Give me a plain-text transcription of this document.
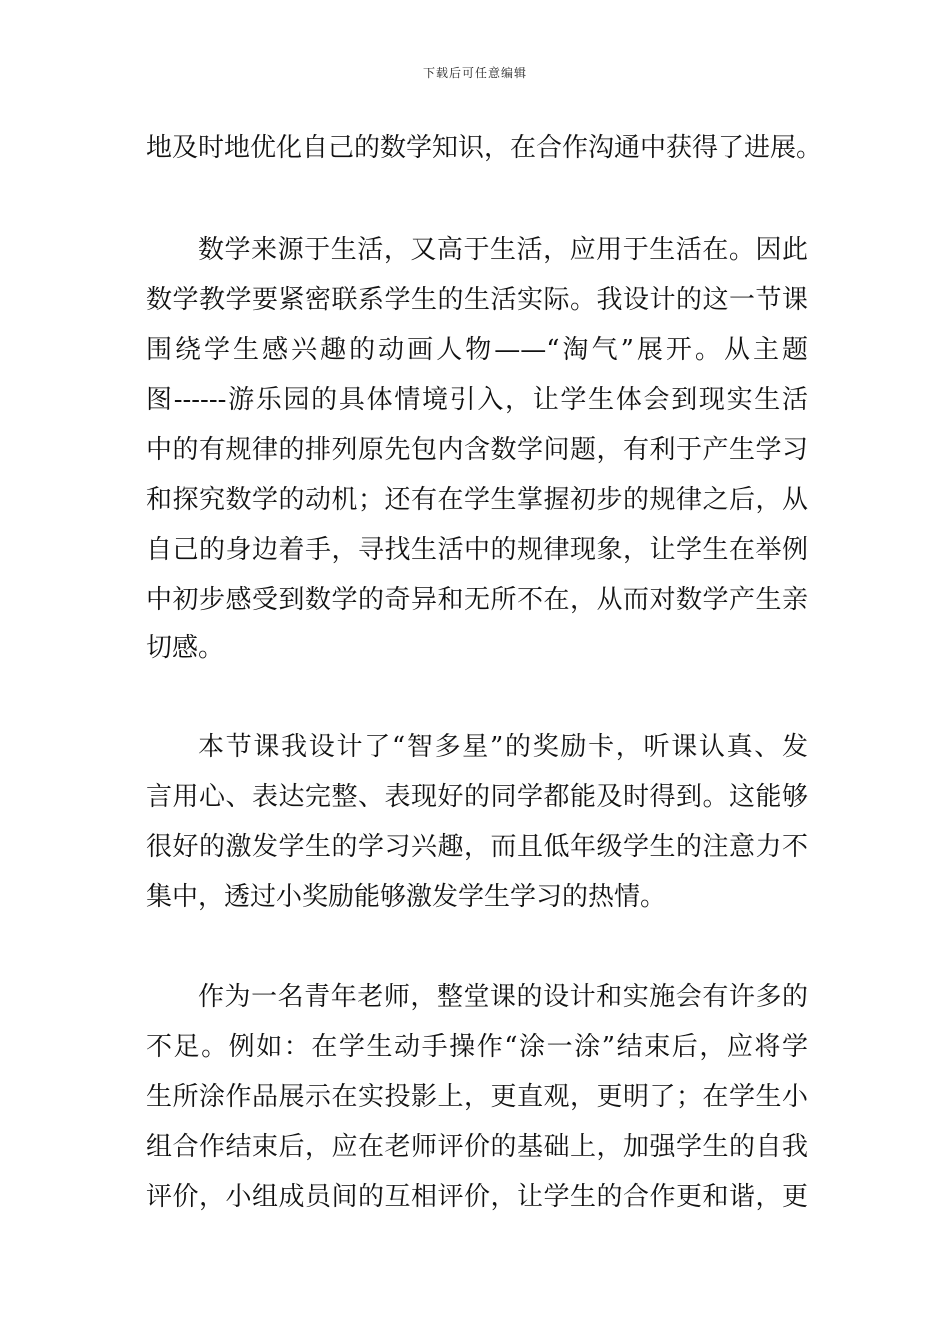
下载后可任意编辑
地及时地优化自己的数学知识，在合作沟通中获得了进展。
数学来源于生活，又高于生活，应用于生活在。因此
数学教学要紧密联系学生的生活实际。我设计的这一节课
围绕学生感兴趣的动画人物——“淘气”展开。从主题
图------游乐园的具体情境引入，让学生体会到现实生活
中的有规律的排列原先包内含数学问题，有利于产生学习
和探究数学的动机；还有在学生掌握初步的规律之后，从
自己的身边着手，寻找生活中的规律现象，让学生在举例
中初步感受到数学的奇异和无所不在，从而对数学产生亲
切感。
本节课我设计了“智多星”的奖励卡，听课认真、发
言用心、表达完整、表现好的同学都能及时得到。这能够
很好的激发学生的学习兴趣，而且低年级学生的注意力不
集中，透过小奖励能够激发学生学习的热情。
作为一名青年老师，整堂课的设计和实施会有许多的
不足。例如：在学生动手操作“涂一涂”结束后，应将学
生所涂作品展示在实投影上，更直观，更明了；在学生小
组合作结束后，应在老师评价的基础上，加强学生的自我
评价，小组成员间的互相评价，让学生的合作更和谐，更
